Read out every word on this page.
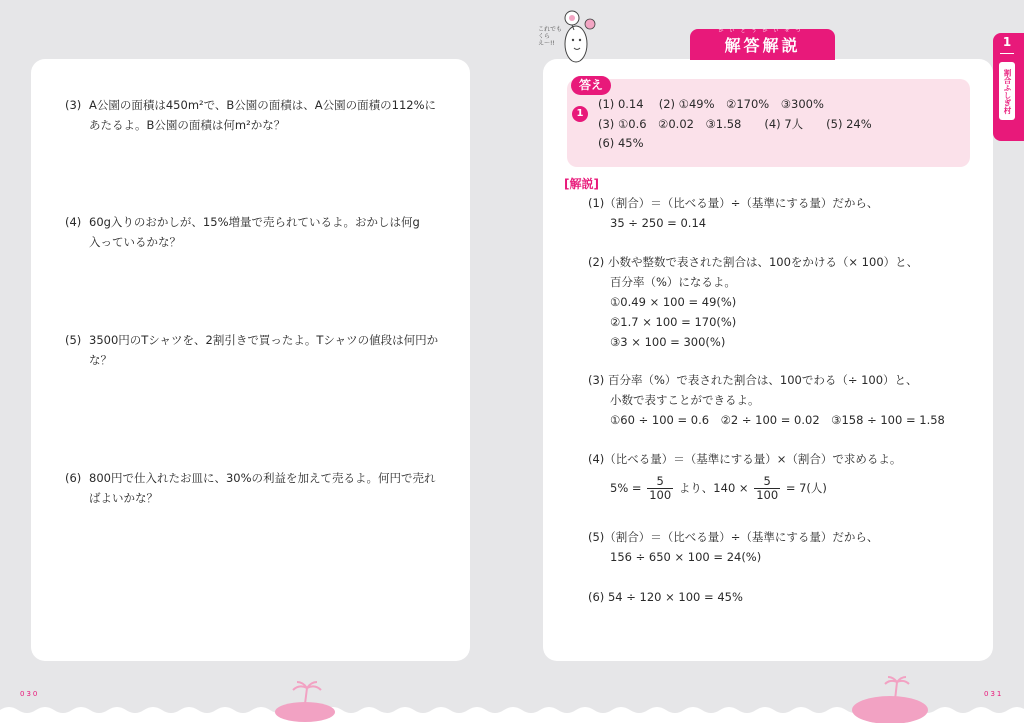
(3) A公園の面積は450m²で、B公園の面積は、A公園の面積の112%に
あたるよ。B公園の面積は何m²かな？
(4) 60g入りのおかしが、15%増量で売られているよ。おかしは何g
入っているかな？
(5) 3500円のTシャツを、2割引きで買ったよ。Tシャツの値段は何円か
な？
(6) 800円で仕入れたお皿に、30%の利益を加えて売るよ。何円で売れ
ばよいかな？
これでもくらえ〜!!	解答解説
かいとうかいせつ
1
割合ふしぎ村
答え
1
(1) 0.14　 (2) ①49%　②170%　③300%
(3) ①0.6　②0.02　③1.58　　(4) 7人　　(5) 24%
(6) 45%
[解説]
(1)（割合）＝（比べる量）÷（基準にする量）だから、
35 ÷ 250 = 0.14
(2) 小数や整数で表された割合は、100をかける（× 100）と、
百分率（%）になるよ。
①0.49 × 100 = 49(%)
②1.7 × 100 = 170(%)
③3 × 100 = 300(%)
(3) 百分率（%）で表された割合は、100でわる（÷ 100）と、
小数で表すことができるよ。
①60 ÷ 100 = 0.6　②2 ÷ 100 = 0.02　③158 ÷ 100 = 1.58
(4)（比べる量）＝（基準にする量）×（割合）で求めるよ。
$5\% = \frac{5}{100}$ より、$140 \times \frac{5}{100} = 7$(人)
(5)（割合）＝（比べる量）÷（基準にする量）だから、
156 ÷ 650 × 100 = 24(%)
(6) 54 ÷ 120 × 100 = 45%
030	031
